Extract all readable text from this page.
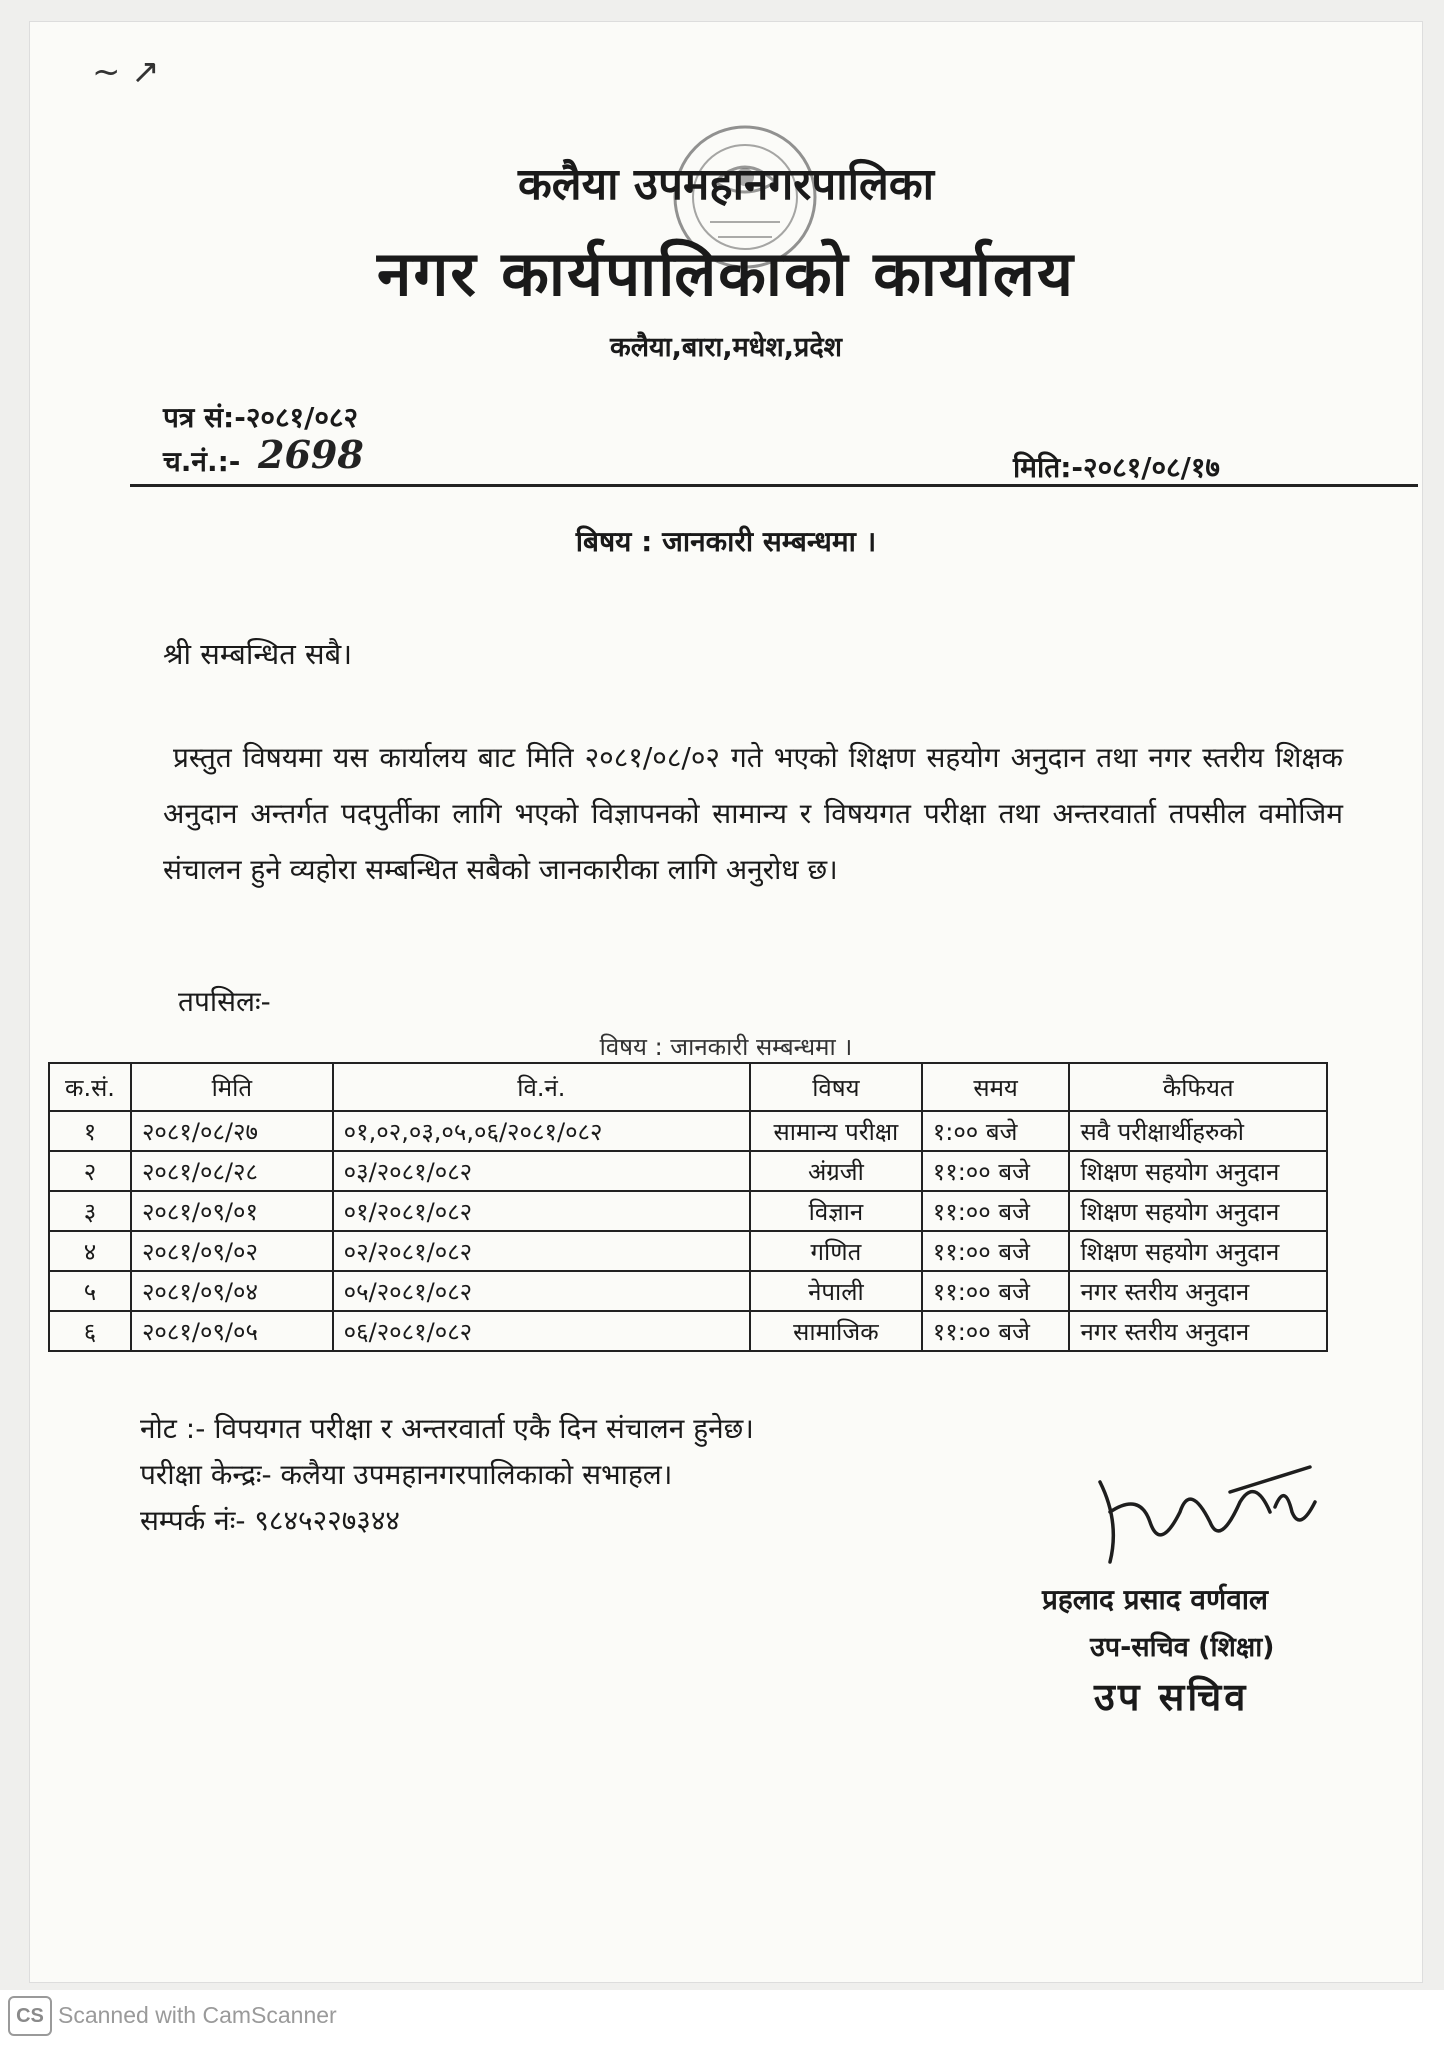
~ ↗
कलैया उपमहानगरपालिका
नगर कार्यपालिकाको कार्यालय
कलैया,बारा,मधेश,प्रदेश
पत्र सं:-२०८१/०८२
च.नं.:- 2698	मिति:-२०८१/०८/१७
बिषय : जानकारी सम्बन्धमा ।
श्री सम्बन्धित सबै।
प्रस्तुत विषयमा यस कार्यालय बाट मिति २०८१/०८/०२ गते भएको शिक्षण सहयोग अनुदान तथा नगर स्तरीय शिक्षक अनुदान अन्तर्गत पदपुर्तीका लागि भएको विज्ञापनको सामान्य र विषयगत परीक्षा तथा अन्तरवार्ता तपसील वमोजिम संचालन हुने व्यहोरा सम्बन्धित सबैको जानकारीका लागि अनुरोध छ।
तपसिलः-
विषय : जानकारी सम्बन्धमा ।
क.सं.	मिति	वि.नं.	विषय	समय	कैफियत
१	२०८१/०८/२७	०१,०२,०३,०५,०६/२०८१/०८२	सामान्य परीक्षा	१:०० बजे	सवै परीक्षार्थीहरुको
२	२०८१/०८/२८	०३/२०८१/०८२	अंग्रजी	११:०० बजे	शिक्षण सहयोग अनुदान
३	२०८१/०९/०१	०१/२०८१/०८२	विज्ञान	११:०० बजे	शिक्षण सहयोग अनुदान
४	२०८१/०९/०२	०२/२०८१/०८२	गणित	११:०० बजे	शिक्षण सहयोग अनुदान
५	२०८१/०९/०४	०५/२०८१/०८२	नेपाली	११:०० बजे	नगर स्तरीय अनुदान
६	२०८१/०९/०५	०६/२०८१/०८२	सामाजिक	११:०० बजे	नगर स्तरीय अनुदान
नोट :- विपयगत परीक्षा र अन्तरवार्ता एकै दिन संचालन हुनेछ।
परीक्षा केन्द्रः- कलैया उपमहानगरपालिकाको सभाहल।
सम्पर्क नंः- ९८४५२२७३४४
प्रहलाद प्रसाद वर्णवाल
उप-सचिव (शिक्षा)
उप सचिव
CS Scanned with CamScanner
